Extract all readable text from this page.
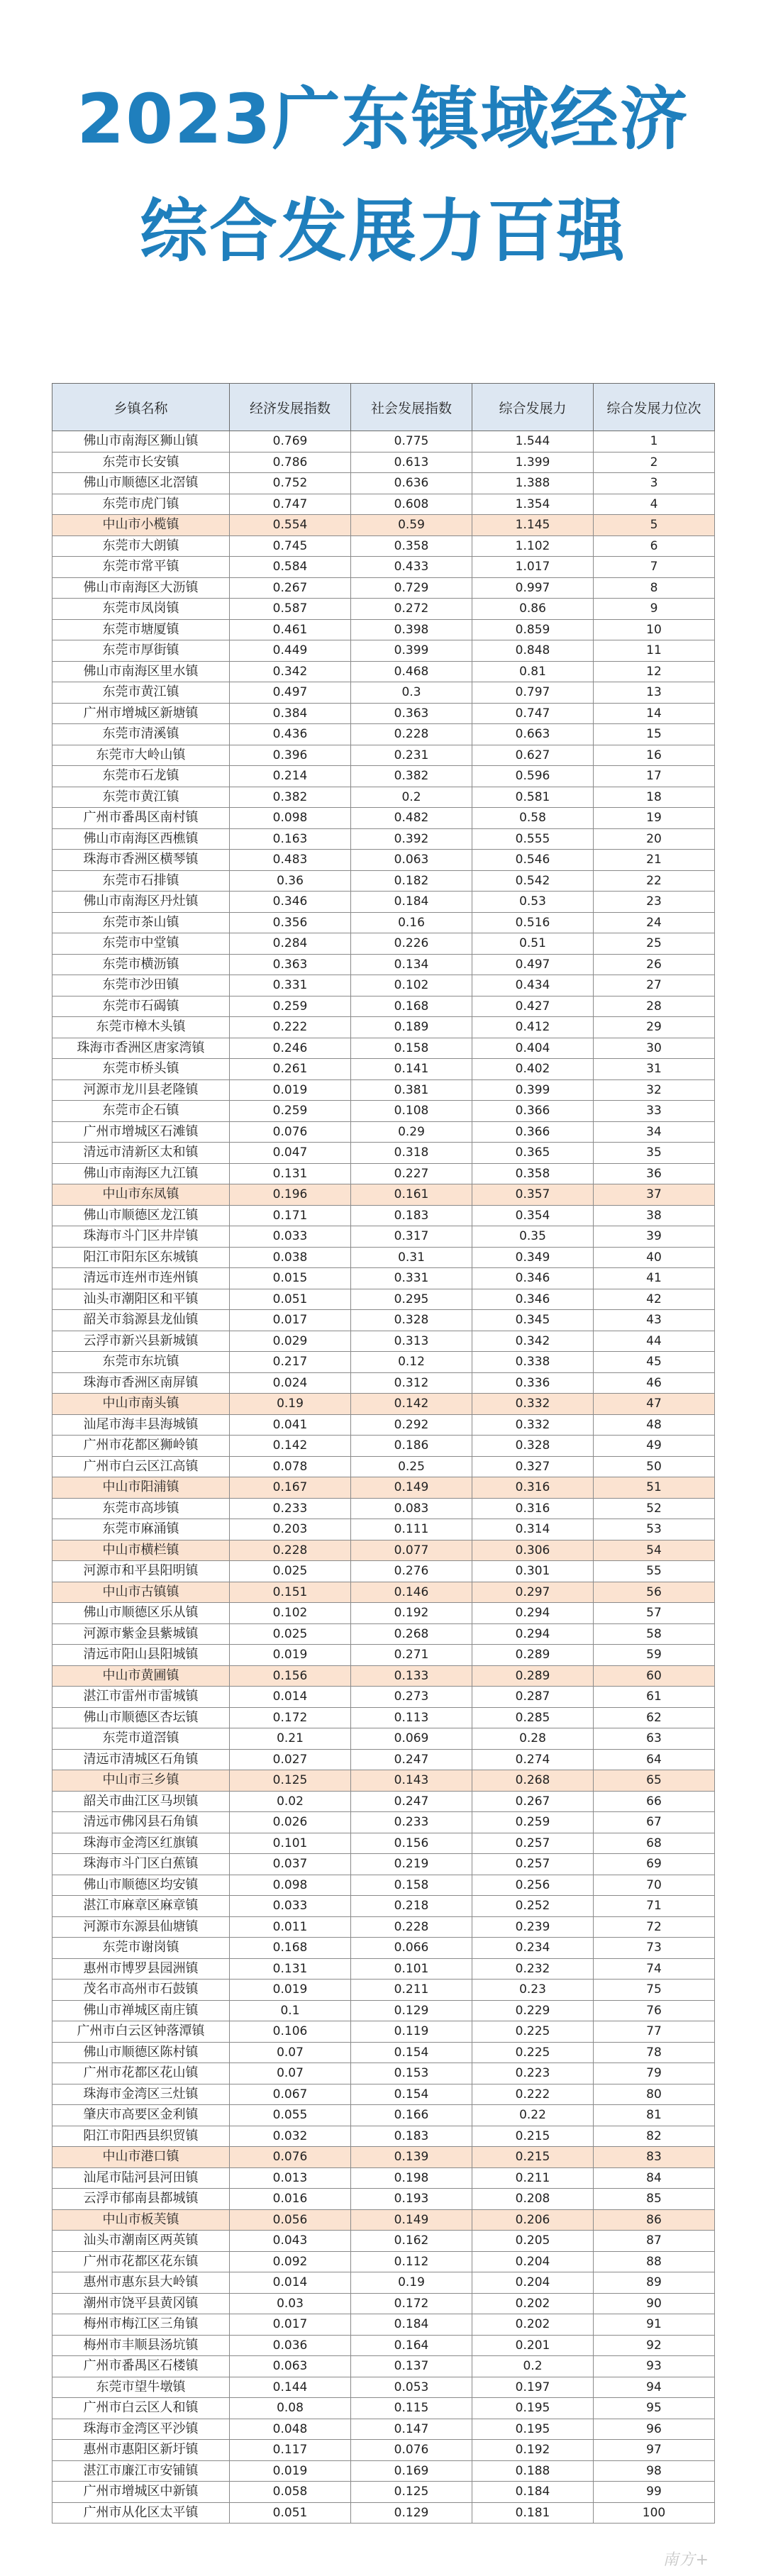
2023广东镇域经济
综合发展力百强
乡镇名称	经济发展指数	社会发展指数	综合发展力	综合发展力位次
佛山市南海区狮山镇	0.769	0.775	1.544	1
东莞市长安镇	0.786	0.613	1.399	2
佛山市顺德区北滘镇	0.752	0.636	1.388	3
东莞市虎门镇	0.747	0.608	1.354	4
中山市小榄镇	0.554	0.59	1.145	5
东莞市大朗镇	0.745	0.358	1.102	6
东莞市常平镇	0.584	0.433	1.017	7
佛山市南海区大沥镇	0.267	0.729	0.997	8
东莞市凤岗镇	0.587	0.272	0.86	9
东莞市塘厦镇	0.461	0.398	0.859	10
东莞市厚街镇	0.449	0.399	0.848	11
佛山市南海区里水镇	0.342	0.468	0.81	12
东莞市黄江镇	0.497	0.3	0.797	13
广州市增城区新塘镇	0.384	0.363	0.747	14
东莞市清溪镇	0.436	0.228	0.663	15
东莞市大岭山镇	0.396	0.231	0.627	16
东莞市石龙镇	0.214	0.382	0.596	17
东莞市黄江镇	0.382	0.2	0.581	18
广州市番禺区南村镇	0.098	0.482	0.58	19
佛山市南海区西樵镇	0.163	0.392	0.555	20
珠海市香洲区横琴镇	0.483	0.063	0.546	21
东莞市石排镇	0.36	0.182	0.542	22
佛山市南海区丹灶镇	0.346	0.184	0.53	23
东莞市茶山镇	0.356	0.16	0.516	24
东莞市中堂镇	0.284	0.226	0.51	25
东莞市横沥镇	0.363	0.134	0.497	26
东莞市沙田镇	0.331	0.102	0.434	27
东莞市石碣镇	0.259	0.168	0.427	28
东莞市樟木头镇	0.222	0.189	0.412	29
珠海市香洲区唐家湾镇	0.246	0.158	0.404	30
东莞市桥头镇	0.261	0.141	0.402	31
河源市龙川县老隆镇	0.019	0.381	0.399	32
东莞市企石镇	0.259	0.108	0.366	33
广州市增城区石滩镇	0.076	0.29	0.366	34
清远市清新区太和镇	0.047	0.318	0.365	35
佛山市南海区九江镇	0.131	0.227	0.358	36
中山市东凤镇	0.196	0.161	0.357	37
佛山市顺德区龙江镇	0.171	0.183	0.354	38
珠海市斗门区井岸镇	0.033	0.317	0.35	39
阳江市阳东区东城镇	0.038	0.31	0.349	40
清远市连州市连州镇	0.015	0.331	0.346	41
汕头市潮阳区和平镇	0.051	0.295	0.346	42
韶关市翁源县龙仙镇	0.017	0.328	0.345	43
云浮市新兴县新城镇	0.029	0.313	0.342	44
东莞市东坑镇	0.217	0.12	0.338	45
珠海市香洲区南屏镇	0.024	0.312	0.336	46
中山市南头镇	0.19	0.142	0.332	47
汕尾市海丰县海城镇	0.041	0.292	0.332	48
广州市花都区狮岭镇	0.142	0.186	0.328	49
广州市白云区江高镇	0.078	0.25	0.327	50
中山市阳浦镇	0.167	0.149	0.316	51
东莞市高埗镇	0.233	0.083	0.316	52
东莞市麻涌镇	0.203	0.111	0.314	53
中山市横栏镇	0.228	0.077	0.306	54
河源市和平县阳明镇	0.025	0.276	0.301	55
中山市古镇镇	0.151	0.146	0.297	56
佛山市顺德区乐从镇	0.102	0.192	0.294	57
河源市紫金县紫城镇	0.025	0.268	0.294	58
清远市阳山县阳城镇	0.019	0.271	0.289	59
中山市黄圃镇	0.156	0.133	0.289	60
湛江市雷州市雷城镇	0.014	0.273	0.287	61
佛山市顺德区杏坛镇	0.172	0.113	0.285	62
东莞市道滘镇	0.21	0.069	0.28	63
清远市清城区石角镇	0.027	0.247	0.274	64
中山市三乡镇	0.125	0.143	0.268	65
韶关市曲江区马坝镇	0.02	0.247	0.267	66
清远市佛冈县石角镇	0.026	0.233	0.259	67
珠海市金湾区红旗镇	0.101	0.156	0.257	68
珠海市斗门区白蕉镇	0.037	0.219	0.257	69
佛山市顺德区均安镇	0.098	0.158	0.256	70
湛江市麻章区麻章镇	0.033	0.218	0.252	71
河源市东源县仙塘镇	0.011	0.228	0.239	72
东莞市谢岗镇	0.168	0.066	0.234	73
惠州市博罗县园洲镇	0.131	0.101	0.232	74
茂名市高州市石鼓镇	0.019	0.211	0.23	75
佛山市禅城区南庄镇	0.1	0.129	0.229	76
广州市白云区钟落潭镇	0.106	0.119	0.225	77
佛山市顺德区陈村镇	0.07	0.154	0.225	78
广州市花都区花山镇	0.07	0.153	0.223	79
珠海市金湾区三灶镇	0.067	0.154	0.222	80
肇庆市高要区金利镇	0.055	0.166	0.22	81
阳江市阳西县织贸镇	0.032	0.183	0.215	82
中山市港口镇	0.076	0.139	0.215	83
汕尾市陆河县河田镇	0.013	0.198	0.211	84
云浮市郁南县都城镇	0.016	0.193	0.208	85
中山市板芙镇	0.056	0.149	0.206	86
汕头市潮南区两英镇	0.043	0.162	0.205	87
广州市花都区花东镇	0.092	0.112	0.204	88
惠州市惠东县大岭镇	0.014	0.19	0.204	89
潮州市饶平县黄冈镇	0.03	0.172	0.202	90
梅州市梅江区三角镇	0.017	0.184	0.202	91
梅州市丰顺县汤坑镇	0.036	0.164	0.201	92
广州市番禺区石楼镇	0.063	0.137	0.2	93
东莞市望牛墩镇	0.144	0.053	0.197	94
广州市白云区人和镇	0.08	0.115	0.195	95
珠海市金湾区平沙镇	0.048	0.147	0.195	96
惠州市惠阳区新圩镇	0.117	0.076	0.192	97
湛江市廉江市安铺镇	0.019	0.169	0.188	98
广州市增城区中新镇	0.058	0.125	0.184	99
广州市从化区太平镇	0.051	0.129	0.181	100
南方+
